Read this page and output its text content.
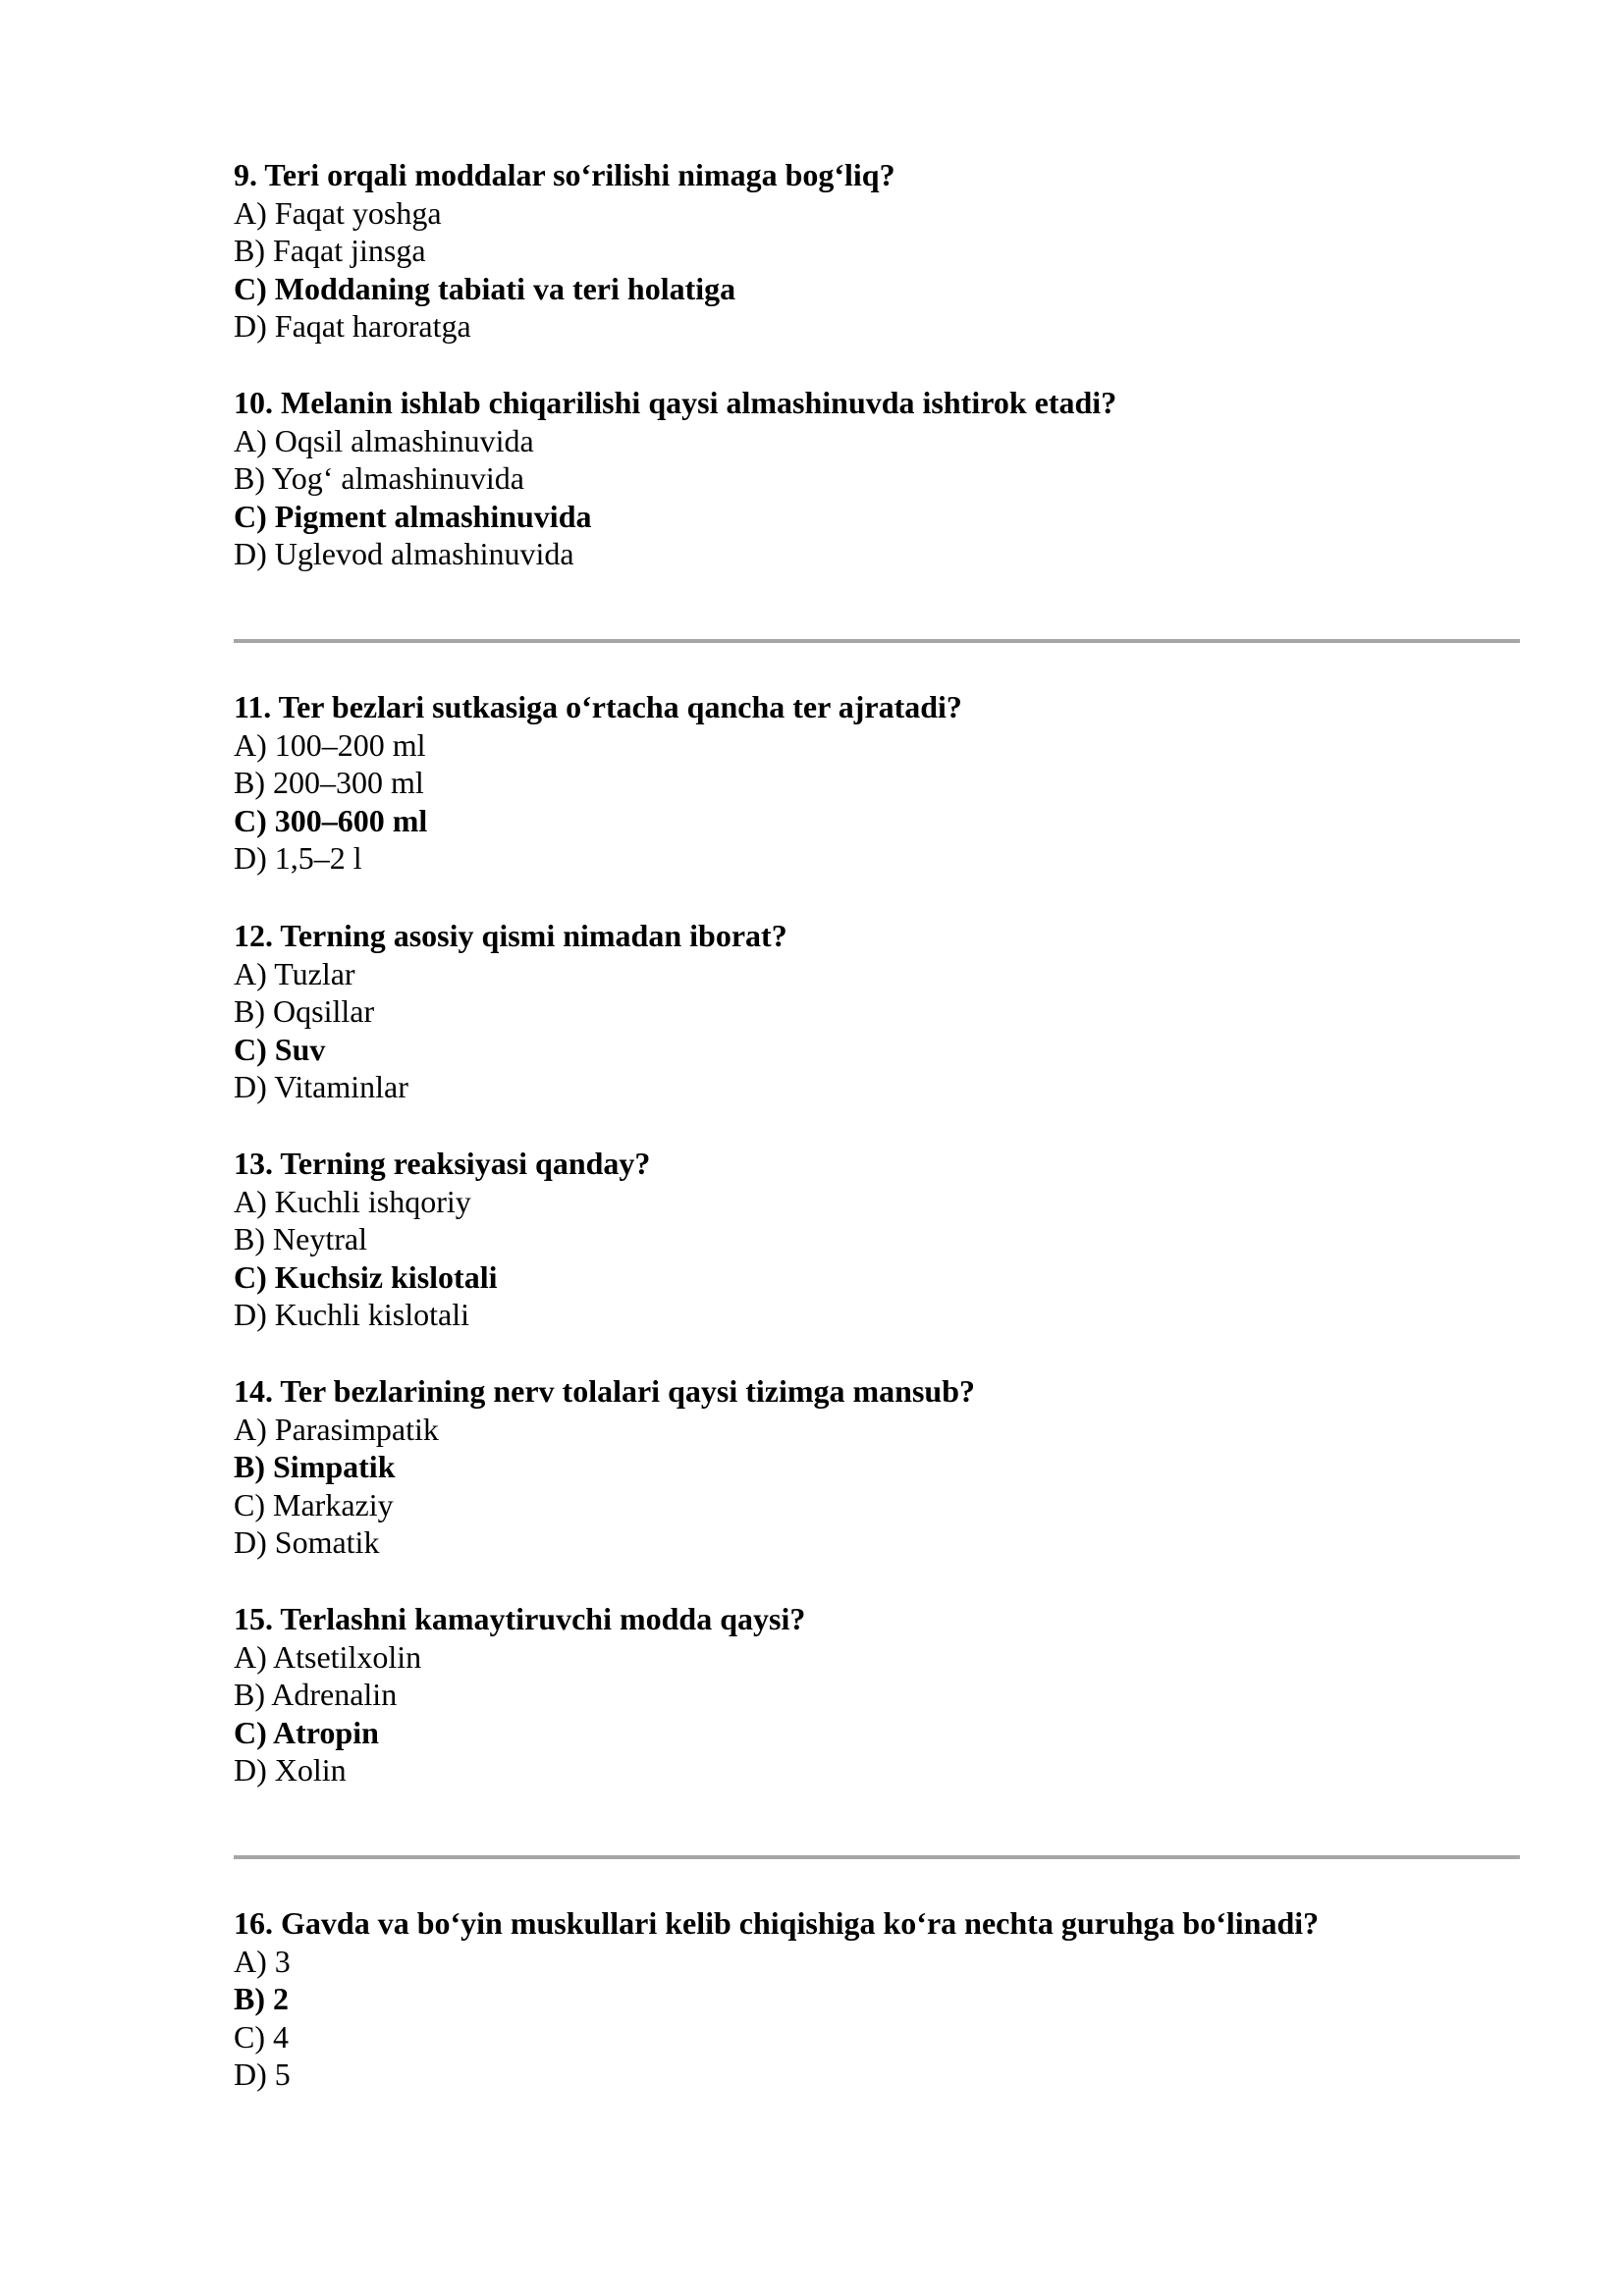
9. Teri orqali moddalar so‘rilishi nimaga bog‘liq?
A) Faqat yoshga
B) Faqat jinsga
C) Moddaning tabiati va teri holatiga
D) Faqat haroratga
10. Melanin ishlab chiqarilishi qaysi almashinuvda ishtirok etadi?
A) Oqsil almashinuvida
B) Yog‘ almashinuvida
C) Pigment almashinuvida
D) Uglevod almashinuvida
11. Ter bezlari sutkasiga o‘rtacha qancha ter ajratadi?
A) 100–200 ml
B) 200–300 ml
C) 300–600 ml
D) 1,5–2 l
12. Terning asosiy qismi nimadan iborat?
A) Tuzlar
B) Oqsillar
C) Suv
D) Vitaminlar
13. Terning reaksiyasi qanday?
A) Kuchli ishqoriy
B) Neytral
C) Kuchsiz kislotali
D) Kuchli kislotali
14. Ter bezlarining nerv tolalari qaysi tizimga mansub?
A) Parasimpatik
B) Simpatik
C) Markaziy
D) Somatik
15. Terlashni kamaytiruvchi modda qaysi?
A) Atsetilxolin
B) Adrenalin
C) Atropin
D) Xolin
16. Gavda va bo‘yin muskullari kelib chiqishiga ko‘ra nechta guruhga bo‘linadi?
A) 3
B) 2
C) 4
D) 5
